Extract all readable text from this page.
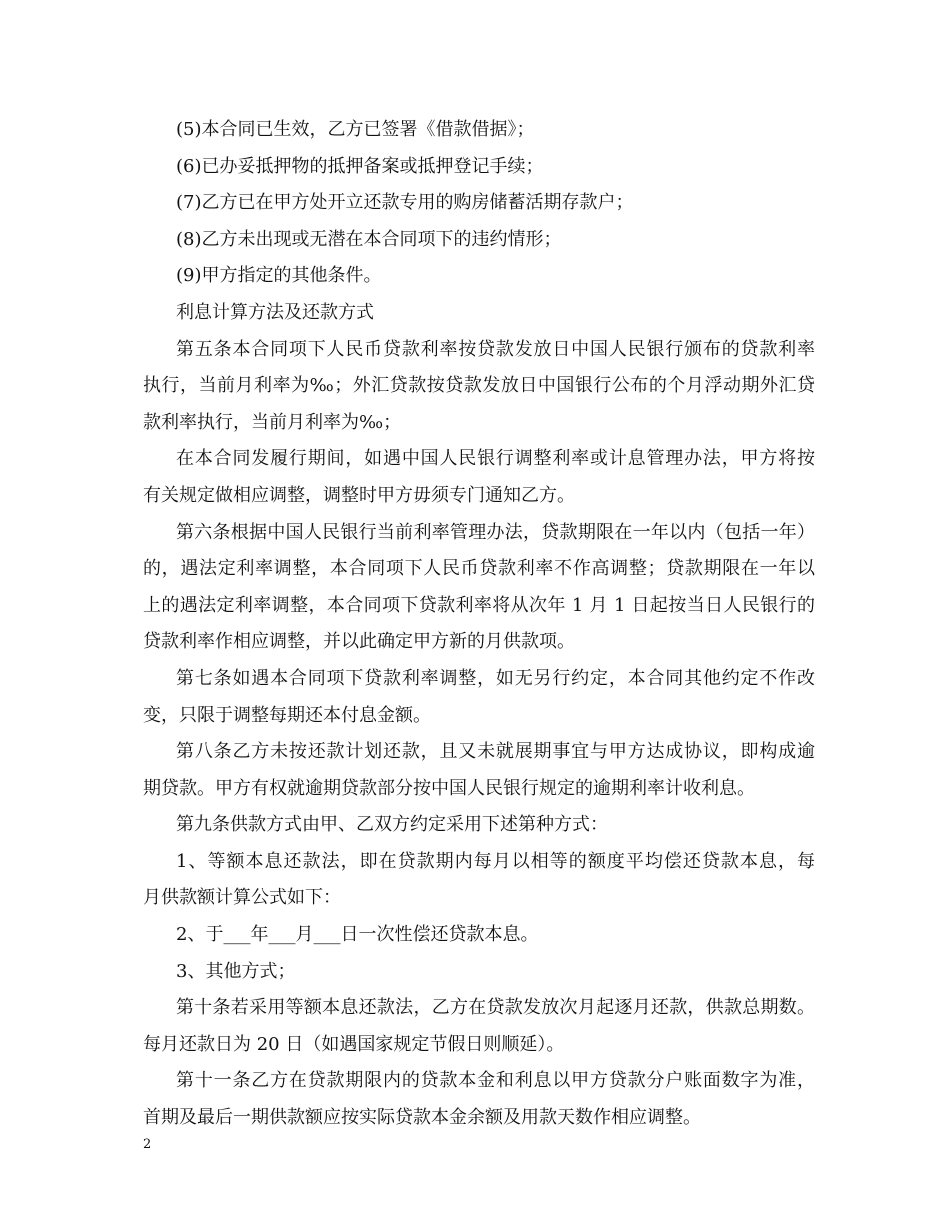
(5)本合同已生效，乙方已签署《借款借据》；
(6)已办妥抵押物的抵押备案或抵押登记手续；
(7)乙方已在甲方处开立还款专用的购房储蓄活期存款户；
(8)乙方未出现或无潜在本合同项下的违约情形；
(9)甲方指定的其他条件。
利息计算方法及还款方式
第五条本合同项下人民币贷款利率按贷款发放日中国人民银行颁布的贷款利率
执行，当前月利率为‰；外汇贷款按贷款发放日中国银行公布的个月浮动期外汇贷
款利率执行，当前月利率为‰；
在本合同发履行期间，如遇中国人民银行调整利率或计息管理办法，甲方将按
有关规定做相应调整，调整时甲方毋须专门通知乙方。
第六条根据中国人民银行当前利率管理办法，贷款期限在一年以内（包括一年）
的，遇法定利率调整，本合同项下人民币贷款利率不作高调整；贷款期限在一年以
上的遇法定利率调整，本合同项下贷款利率将从次年 1 月 1 日起按当日人民银行的
贷款利率作相应调整，并以此确定甲方新的月供款项。
第七条如遇本合同项下贷款利率调整，如无另行约定，本合同其他约定不作改
变，只限于调整每期还本付息金额。
第八条乙方未按还款计划还款，且又未就展期事宜与甲方达成协议，即构成逾
期贷款。甲方有权就逾期贷款部分按中国人民银行规定的逾期利率计收利息。
第九条供款方式由甲、乙双方约定采用下述第种方式：
1、等额本息还款法，即在贷款期内每月以相等的额度平均偿还贷款本息，每
月供款额计算公式如下：
2、于___年___月___日一次性偿还贷款本息。
3、其他方式；
第十条若采用等额本息还款法，乙方在贷款发放次月起逐月还款，供款总期数。
每月还款日为 20 日（如遇国家规定节假日则顺延）。
第十一条乙方在贷款期限内的贷款本金和利息以甲方贷款分户账面数字为准，
首期及最后一期供款额应按实际贷款本金余额及用款天数作相应调整。
2
